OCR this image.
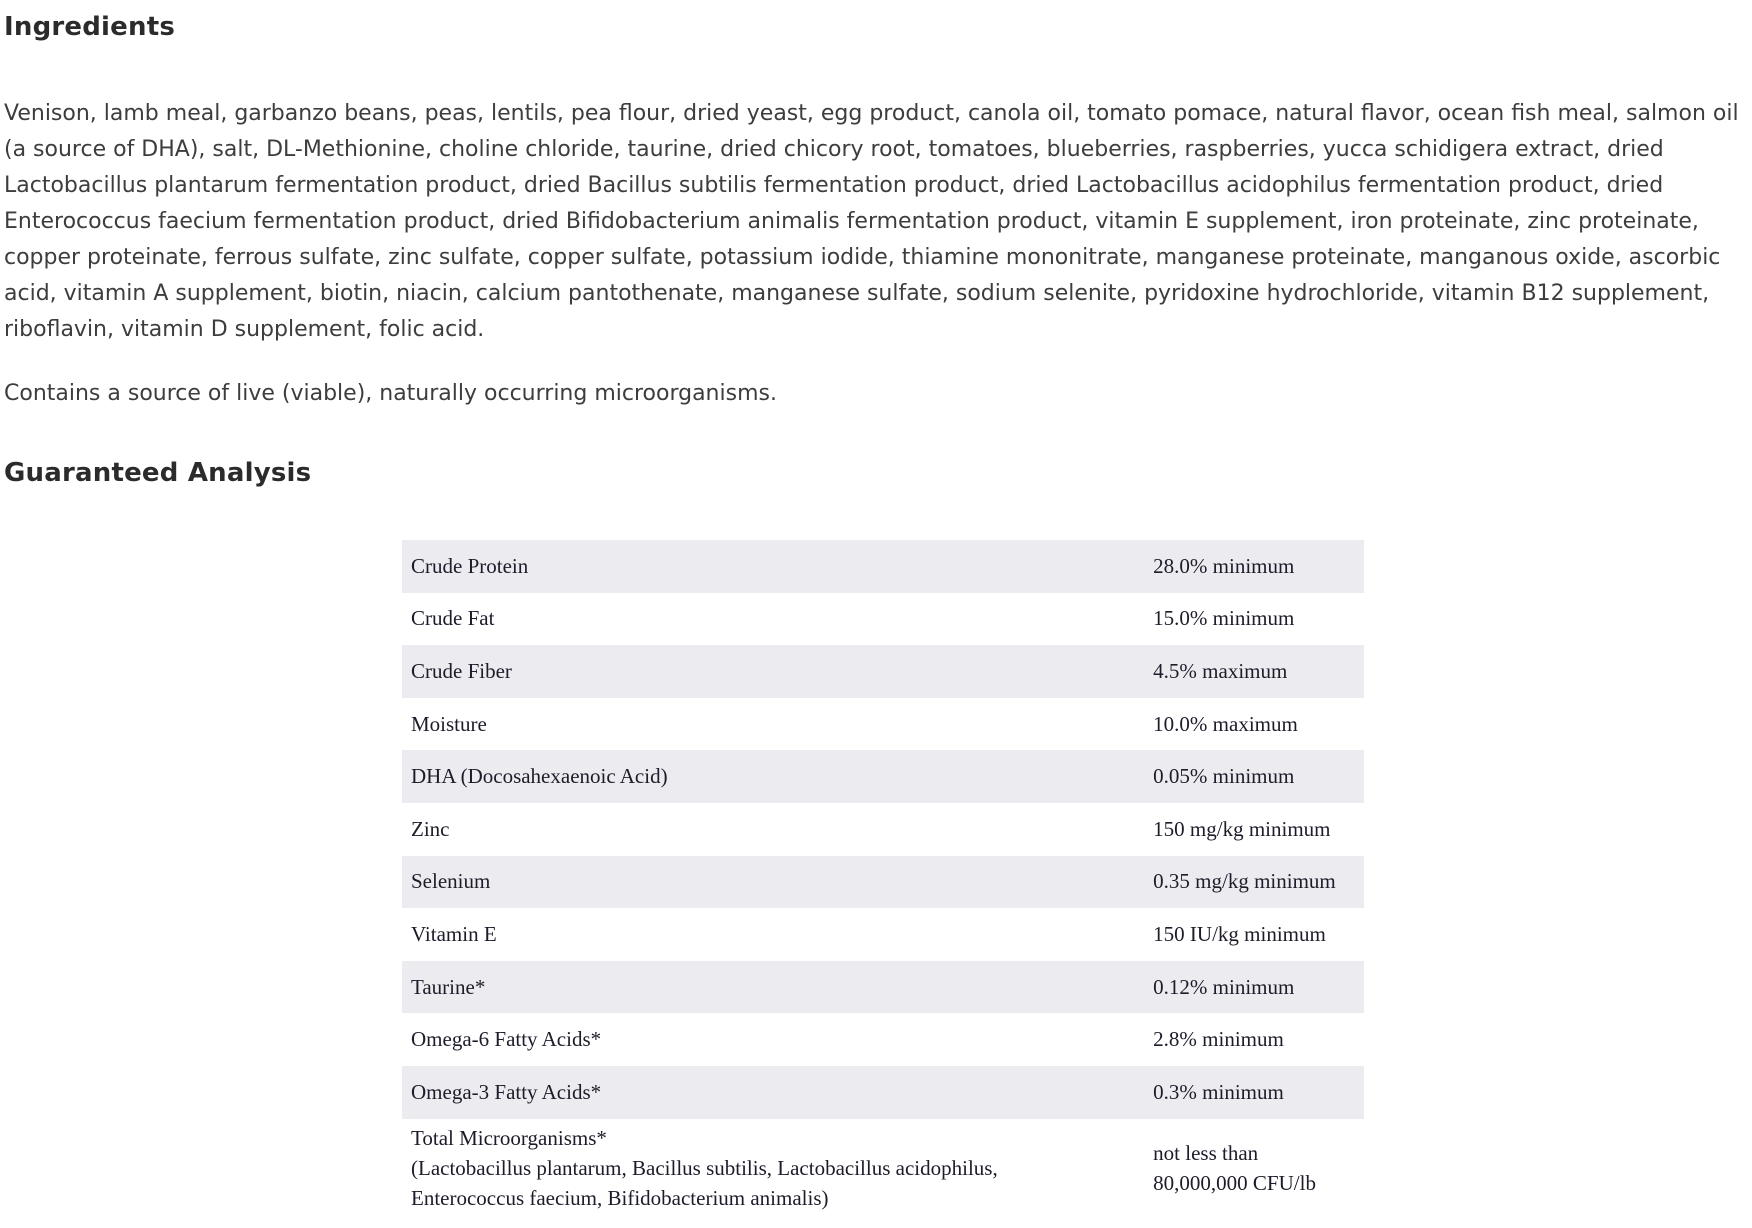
Ingredients

Venison, lamb meal, garbanzo beans, peas, lentils, pea flour, dried yeast, egg product, canola oil, tomato pomace, natural flavor, ocean fish meal, salmon oil (a source of DHA), salt, DL-Methionine, choline chloride, taurine, dried chicory root, tomatoes, blueberries, raspberries, yucca schidigera extract, dried Lactobacillus plantarum fermentation product, dried Bacillus subtilis fermentation product, dried Lactobacillus acidophilus fermentation product, dried Enterococcus faecium fermentation product, dried Bifidobacterium animalis fermentation product, vitamin E supplement, iron proteinate, zinc proteinate, copper proteinate, ferrous sulfate, zinc sulfate, copper sulfate, potassium iodide, thiamine mononitrate, manganese proteinate, manganous oxide, ascorbic acid, vitamin A supplement, biotin, niacin, calcium pantothenate, manganese sulfate, sodium selenite, pyridoxine hydrochloride, vitamin B12 supplement, riboflavin, vitamin D supplement, folic acid.

Contains a source of live (viable), naturally occurring microorganisms.

Guaranteed Analysis
Crude Protein	28.0% minimum
Crude Fat	15.0% minimum
Crude Fiber	4.5% maximum
Moisture	10.0% maximum
DHA (Docosahexaenoic Acid)	0.05% minimum
Zinc	150 mg/kg minimum
Selenium	0.35 mg/kg minimum
Vitamin E	150 IU/kg minimum
Taurine*	0.12% minimum
Omega-6 Fatty Acids*	2.8% minimum
Omega-3 Fatty Acids*	0.3% minimum

Total Microorganisms*
(Lactobacillus plantarum, Bacillus subtilis, Lactobacillus acidophilus,
Enterococcus faecium, Bifidobacterium animalis)	not less than
80,000,000 CFU/lb
